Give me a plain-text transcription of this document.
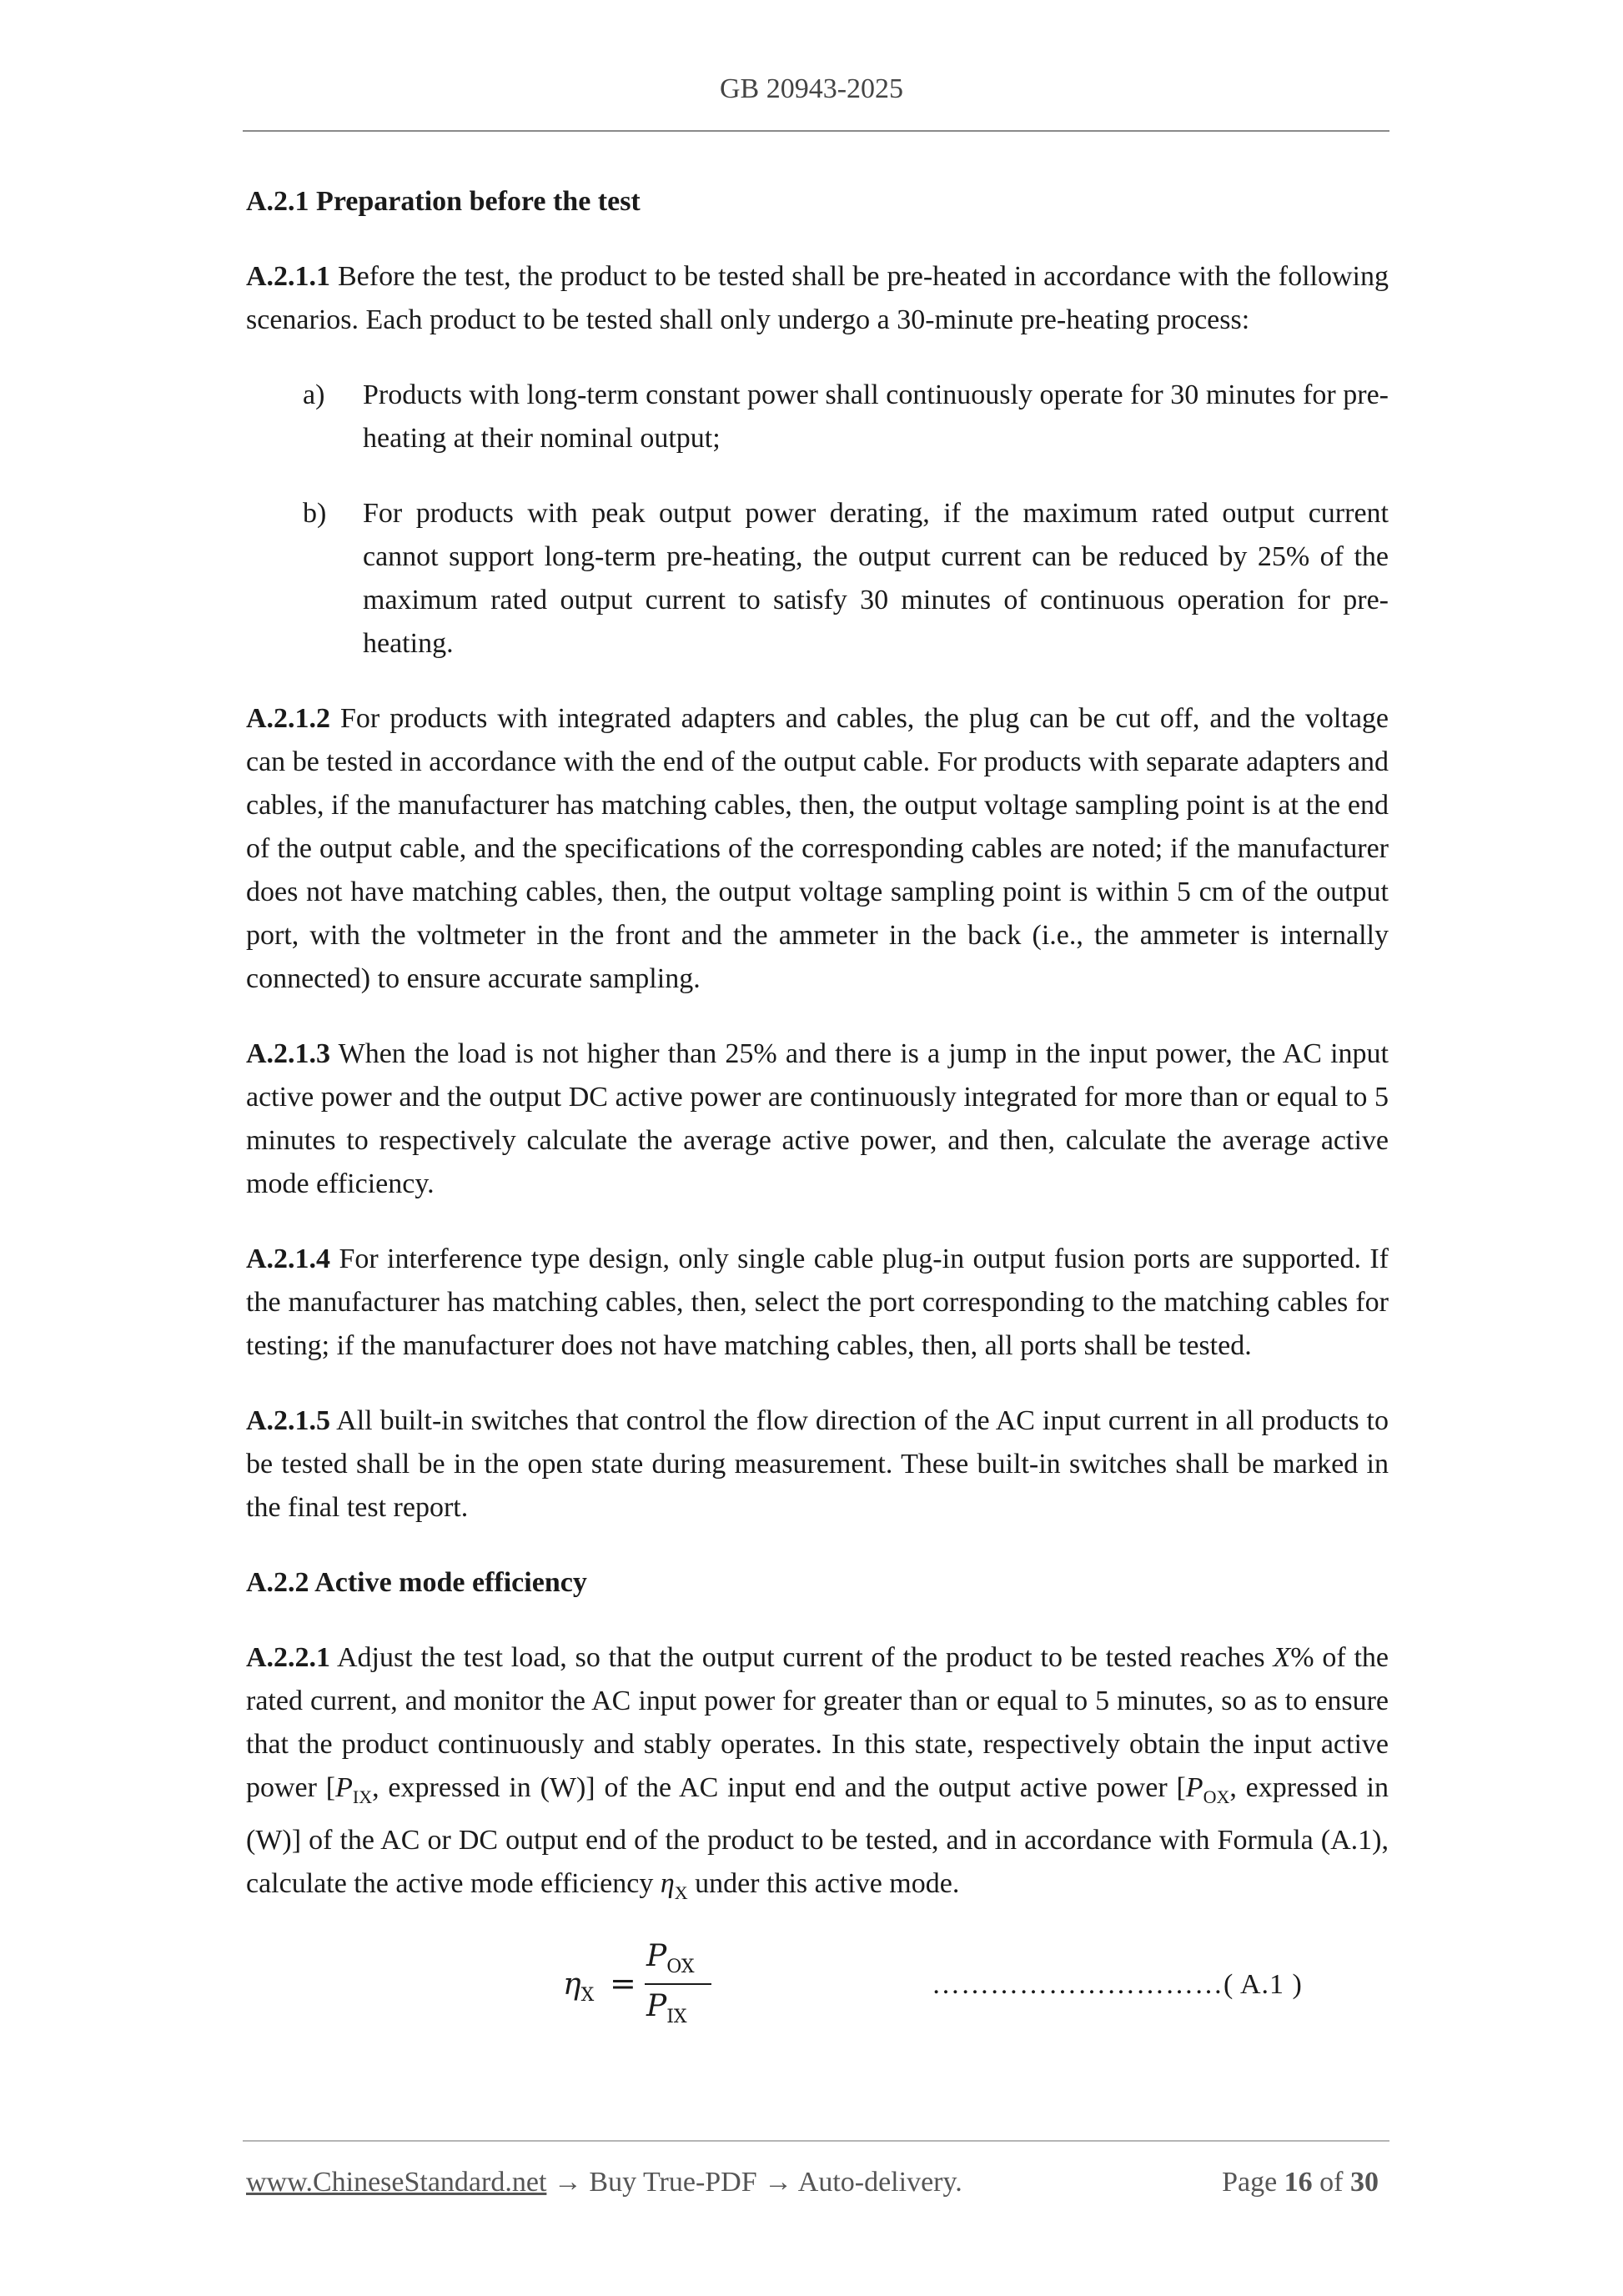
GB 20943-2025

A.2.1 Preparation before the test

A.2.1.1 Before the test, the product to be tested shall be pre-heated in accordance with the following scenarios. Each product to be tested shall only undergo a 30-minute pre-heating process:

a) Products with long-term constant power shall continuously operate for 30 minutes for pre-heating at their nominal output;

b) For products with peak output power derating, if the maximum rated output current cannot support long-term pre-heating, the output current can be reduced by 25% of the maximum rated output current to satisfy 30 minutes of continuous operation for pre-heating.

A.2.1.2 For products with integrated adapters and cables, the plug can be cut off, and the voltage can be tested in accordance with the end of the output cable. For products with separate adapters and cables, if the manufacturer has matching cables, then, the output voltage sampling point is at the end of the output cable, and the specifications of the corresponding cables are noted; if the manufacturer does not have matching cables, then, the output voltage sampling point is within 5 cm of the output port, with the voltmeter in the front and the ammeter in the back (i.e., the ammeter is internally connected) to ensure accurate sampling.

A.2.1.3 When the load is not higher than 25% and there is a jump in the input power, the AC input active power and the output DC active power are continuously integrated for more than or equal to 5 minutes to respectively calculate the average active power, and then, calculate the average active mode efficiency.

A.2.1.4 For interference type design, only single cable plug-in output fusion ports are supported. If the manufacturer has matching cables, then, select the port corresponding to the matching cables for testing; if the manufacturer does not have matching cables, then, all ports shall be tested.

A.2.1.5 All built-in switches that control the flow direction of the AC input current in all products to be tested shall be in the open state during measurement. These built-in switches shall be marked in the final test report.

A.2.2 Active mode efficiency

A.2.2.1 Adjust the test load, so that the output current of the product to be tested reaches X% of the rated current, and monitor the AC input power for greater than or equal to 5 minutes, so as to ensure that the product continuously and stably operates. In this state, respectively obtain the input active power [$P_{IX}$, expressed in (W)] of the AC input end and the output active power [$P_{OX}$, expressed in (W)] of the AC or DC output end of the product to be tested, and in accordance with Formula (A.1), calculate the active mode efficiency $\eta_X$ under this active mode.

$\eta_X$ =
$P_{OX}$
$P_{IX}$
…………………………( A.1 )
www.ChineseStandard.net → Buy True-PDF → Auto-delivery.	Page 16 of 30
